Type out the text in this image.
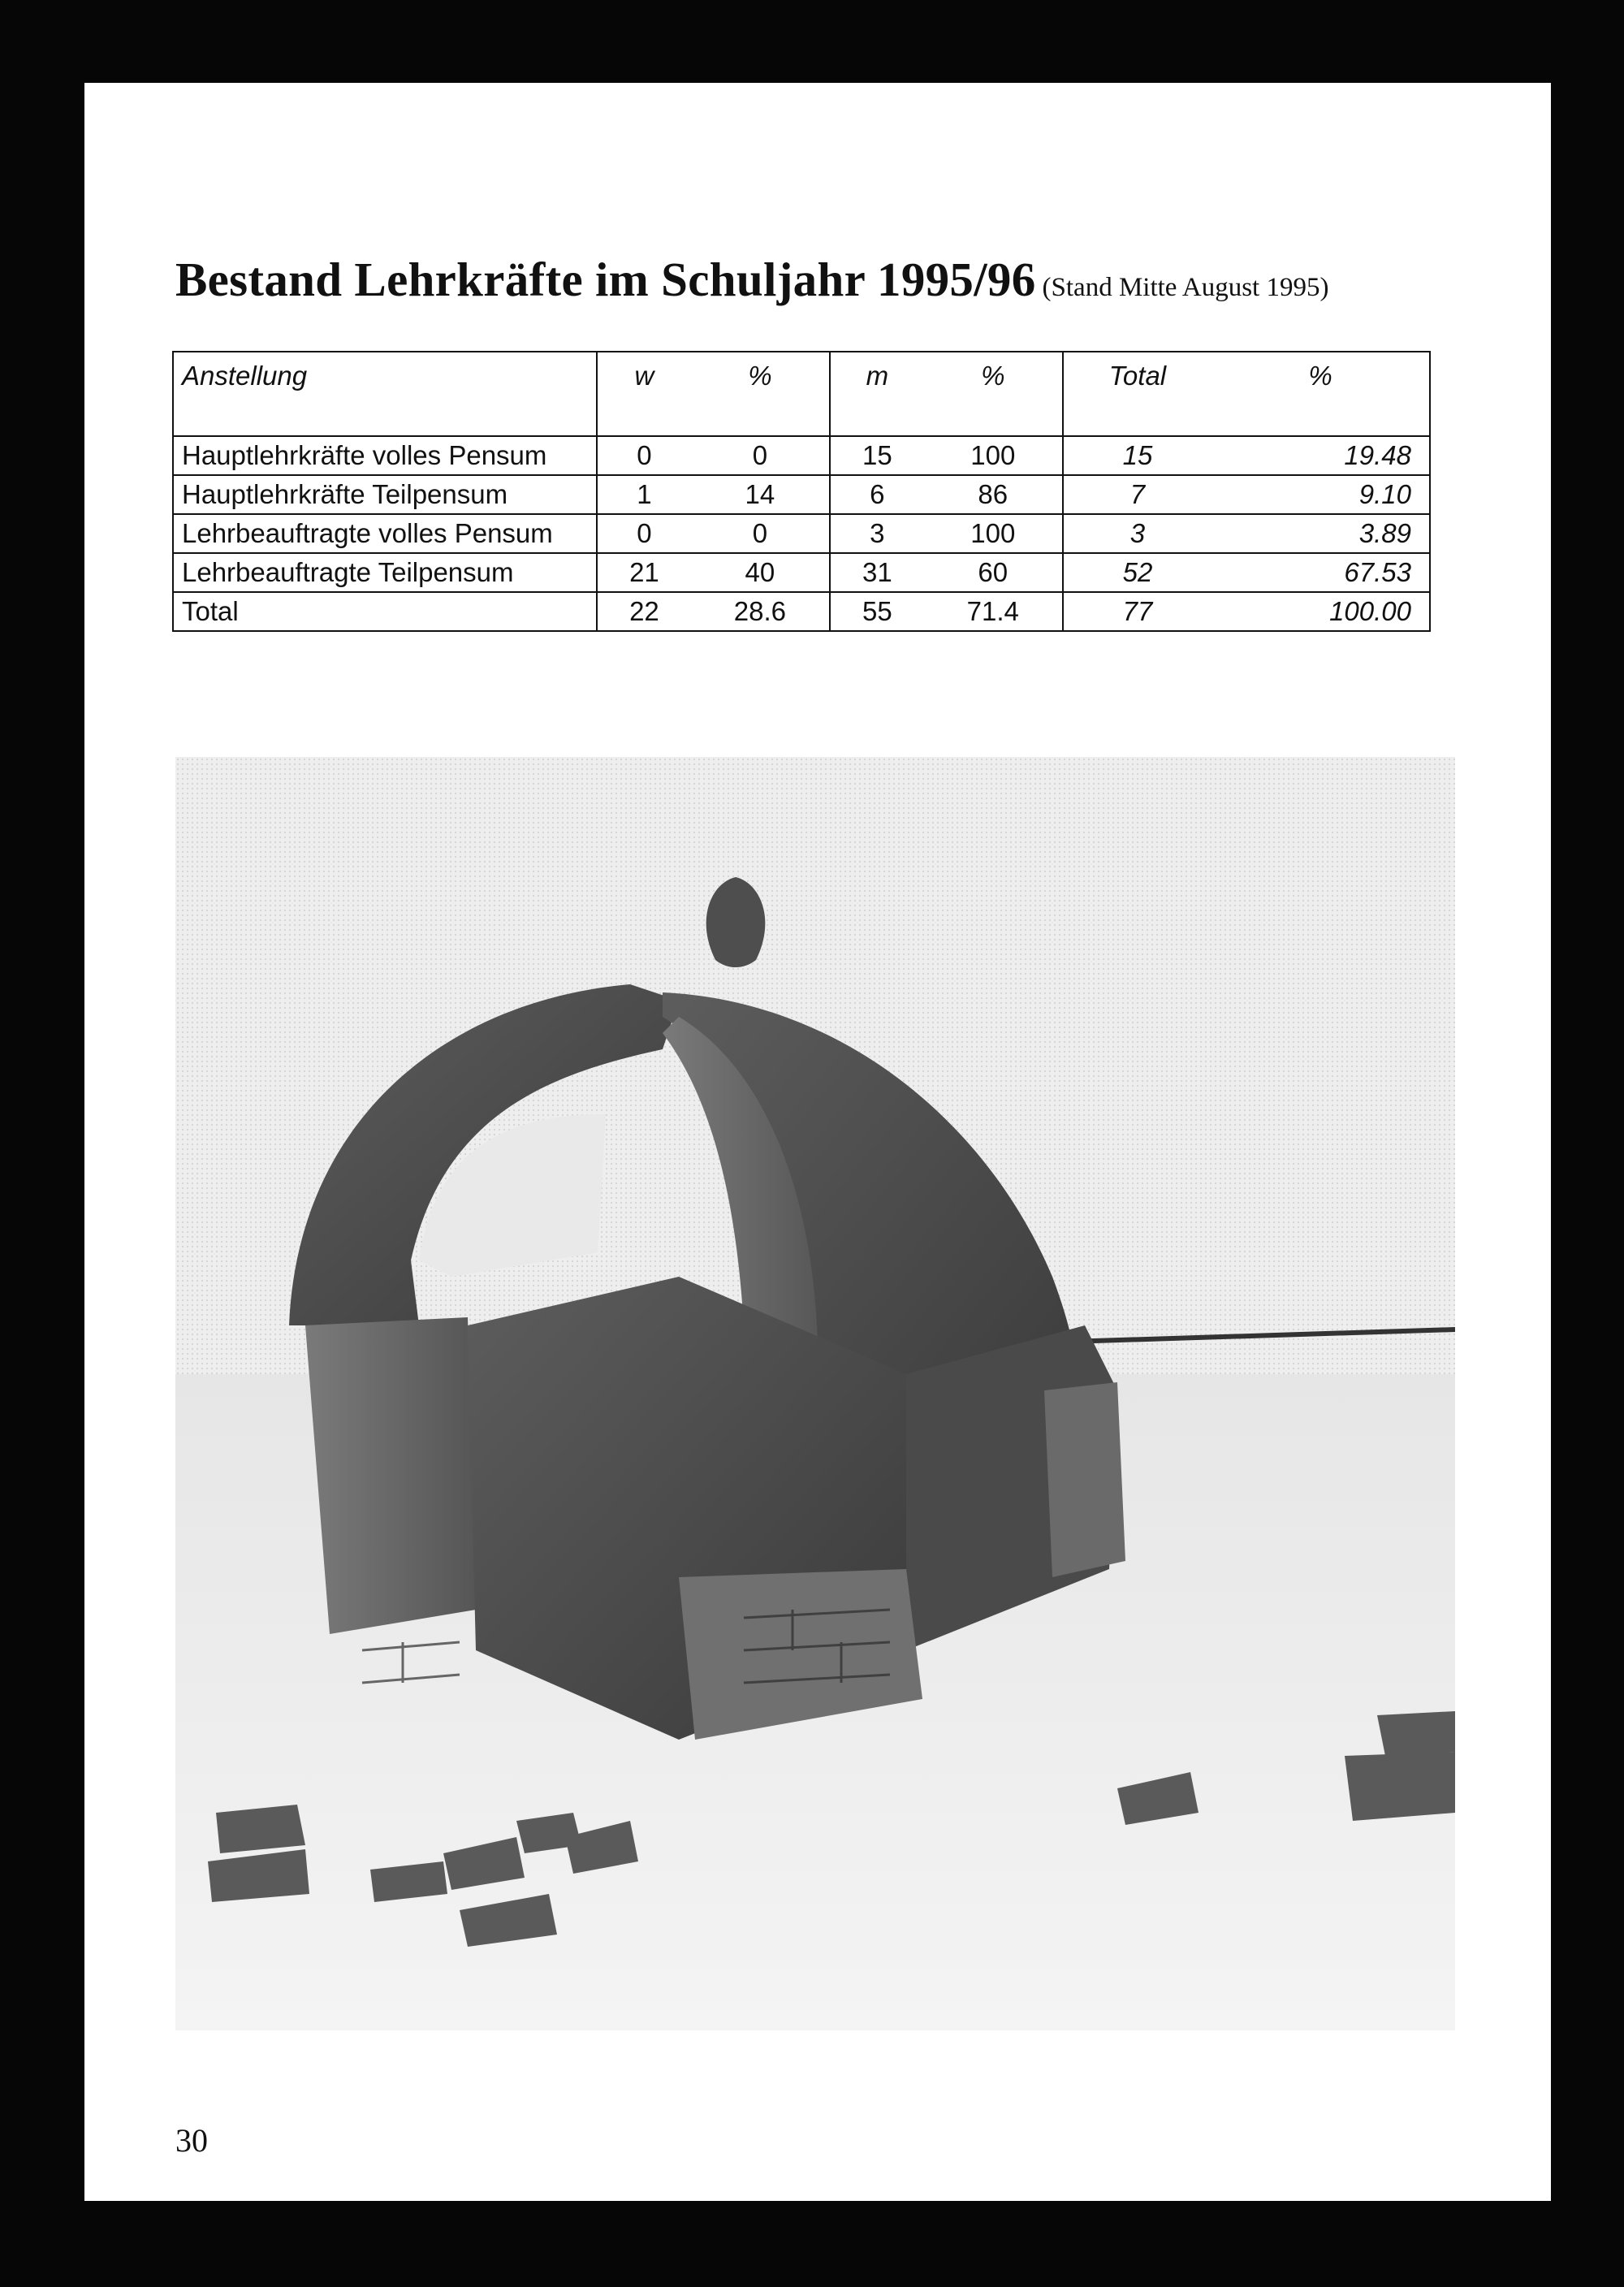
Bestand Lehrkräfte im Schuljahr 1995/96 (Stand Mitte August 1995)
Anstellung	w	%	m	%	Total	%
Hauptlehrkräfte volles Pensum	0	0	15	100	15	19.48
Hauptlehrkräfte Teilpensum	1	14	6	86	7	9.10
Lehrbeauftragte volles Pensum	0	0	3	100	3	3.89
Lehrbeauftragte Teilpensum	21	40	31	60	52	67.53
Total	22	28.6	55	71.4	77	100.00
30
